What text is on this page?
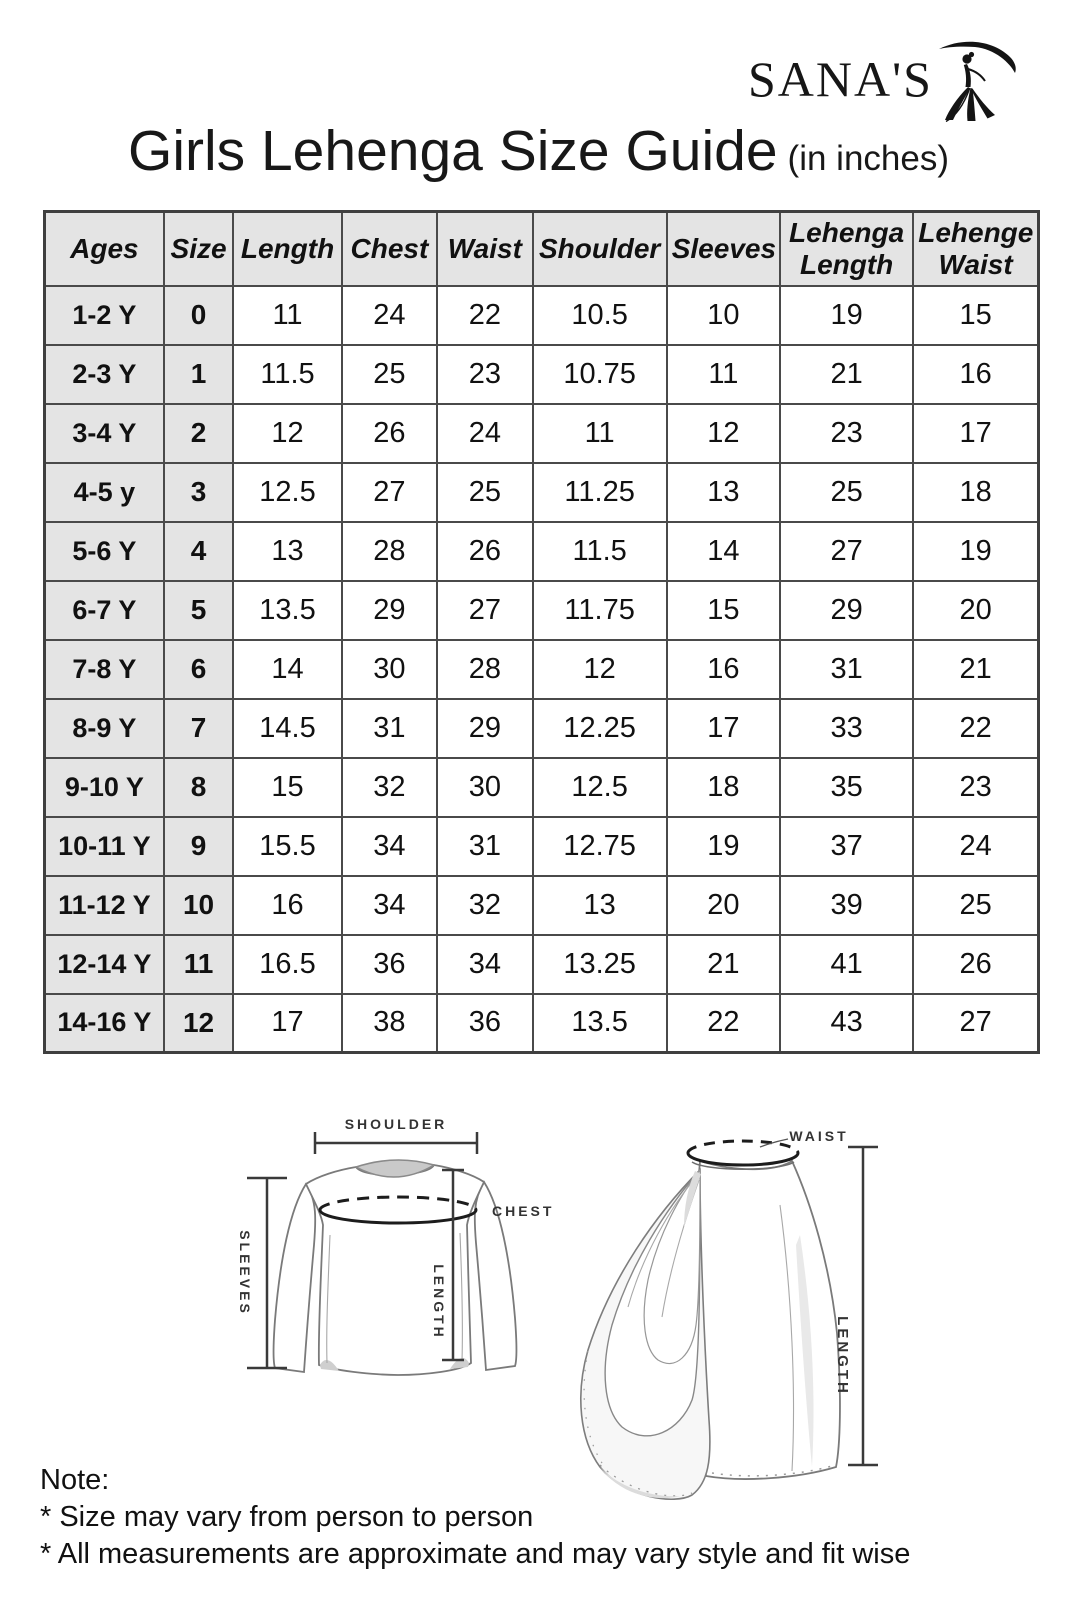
SANA'S
Girls Lehenga Size Guide (in inches)
Ages	Size	Length	Chest	Waist	Shoulder	Sleeves	Lehenga Length	Lehenge Waist
1-2 Y	0	11	24	22	10.5	10	19	15
2-3 Y	1	11.5	25	23	10.75	11	21	16
3-4 Y	2	12	26	24	11	12	23	17
4-5 y	3	12.5	27	25	11.25	13	25	18
5-6 Y	4	13	28	26	11.5	14	27	19
6-7 Y	5	13.5	29	27	11.75	15	29	20
7-8 Y	6	14	30	28	12	16	31	21
8-9 Y	7	14.5	31	29	12.25	17	33	22
9-10 Y	8	15	32	30	12.5	18	35	23
10-11 Y	9	15.5	34	31	12.75	19	37	24
11-12 Y	10	16	34	32	13	20	39	25
12-14 Y	11	16.5	36	34	13.25	21	41	26
14-16 Y	12	17	38	36	13.5	22	43	27
SHOULDER
SLEEVES	LENGTH
CHEST
WAIST
LENGTH
Note:
* Size may vary from person to person
* All measurements are approximate and may vary style and fit wise
